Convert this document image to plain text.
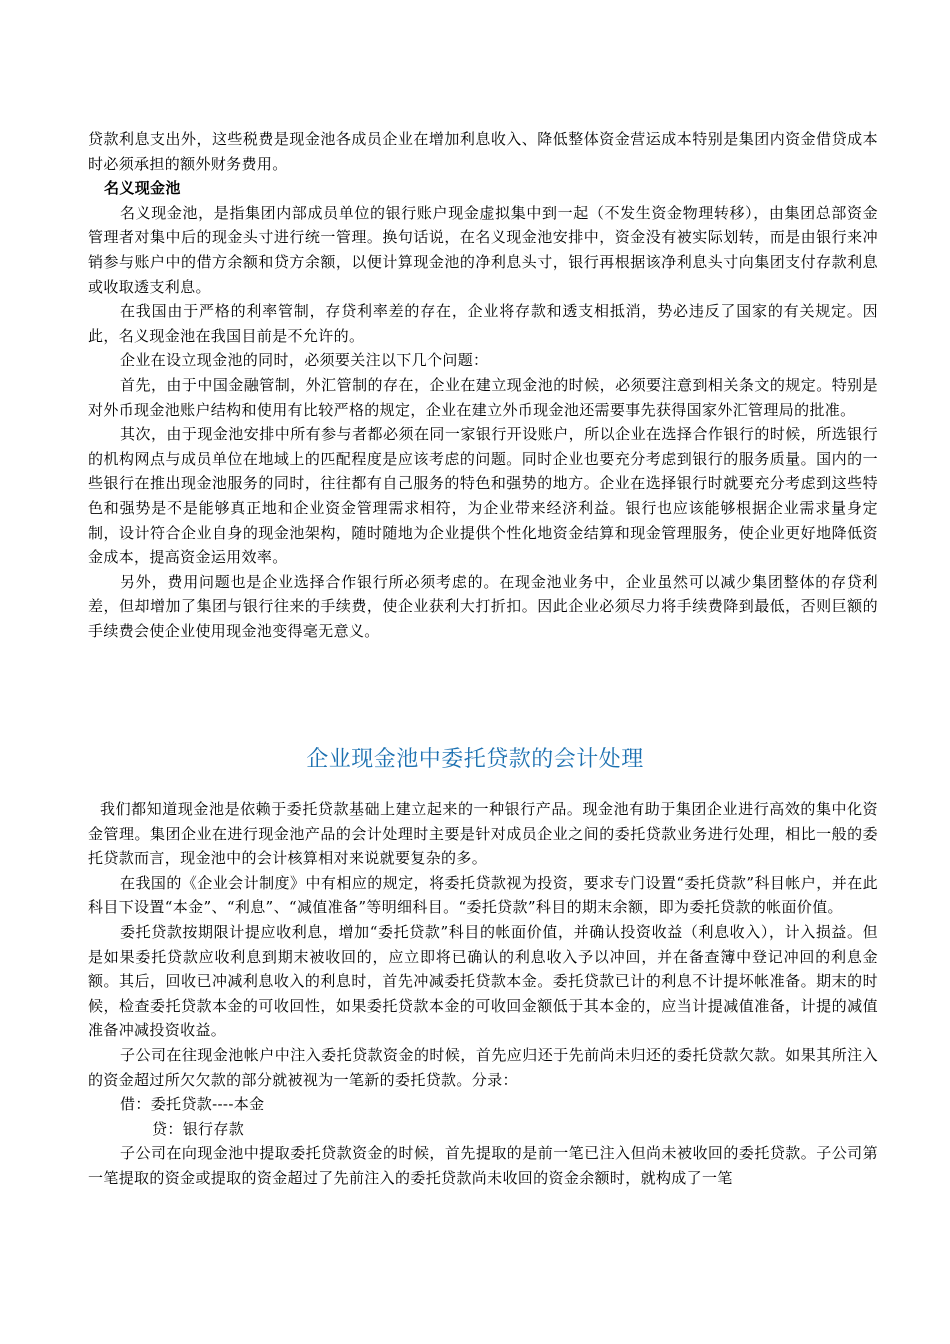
贷款利息支出外，这些税费是现金池各成员企业在增加利息收入、降低整体资金营运成本特别是集团内资金借贷成本时必须承担的额外财务费用。

名义现金池

名义现金池，是指集团内部成员单位的银行账户现金虚拟集中到一起（不发生资金物理转移），由集团总部资金管理者对集中后的现金头寸进行统一管理。换句话说，在名义现金池安排中，资金没有被实际划转，而是由银行来冲销参与账户中的借方余额和贷方余额，以便计算现金池的净利息头寸，银行再根据该净利息头寸向集团支付存款利息或收取透支利息。

在我国由于严格的利率管制，存贷利率差的存在，企业将存款和透支相抵消，势必违反了国家的有关规定。因此，名义现金池在我国目前是不允许的。

企业在设立现金池的同时，必须要关注以下几个问题：

首先，由于中国金融管制，外汇管制的存在，企业在建立现金池的时候，必须要注意到相关条文的规定。特别是对外币现金池账户结构和使用有比较严格的规定，企业在建立外币现金池还需要事先获得国家外汇管理局的批准。

其次，由于现金池安排中所有参与者都必须在同一家银行开设账户，所以企业在选择合作银行的时候，所选银行的机构网点与成员单位在地域上的匹配程度是应该考虑的问题。同时企业也要充分考虑到银行的服务质量。国内的一些银行在推出现金池服务的同时，往往都有自己服务的特色和强势的地方。企业在选择银行时就要充分考虑到这些特色和强势是不是能够真正地和企业资金管理需求相符，为企业带来经济利益。银行也应该能够根据企业需求量身定制，设计符合企业自身的现金池架构，随时随地为企业提供个性化地资金结算和现金管理服务，使企业更好地降低资金成本，提高资金运用效率。

另外，费用问题也是企业选择合作银行所必须考虑的。在现金池业务中，企业虽然可以减少集团整体的存贷利差，但却增加了集团与银行往来的手续费，使企业获利大打折扣。因此企业必须尽力将手续费降到最低，否则巨额的手续费会使企业使用现金池变得毫无意义。

企业现金池中委托贷款的会计处理

我们都知道现金池是依赖于委托贷款基础上建立起来的一种银行产品。现金池有助于集团企业进行高效的集中化资金管理。集团企业在进行现金池产品的会计处理时主要是针对成员企业之间的委托贷款业务进行处理，相比一般的委托贷款而言，现金池中的会计核算相对来说就要复杂的多。

在我国的《企业会计制度》中有相应的规定，将委托贷款视为投资，要求专门设置“委托贷款”科目帐户，并在此科目下设置“本金”、“利息”、“减值准备”等明细科目。“委托贷款”科目的期末余额，即为委托贷款的帐面价值。

委托贷款按期限计提应收利息，增加“委托贷款”科目的帐面价值，并确认投资收益（利息收入），计入损益。但是如果委托贷款应收利息到期末被收回的，应立即将已确认的利息收入予以冲回，并在备查簿中登记冲回的利息金额。其后，回收已冲减利息收入的利息时，首先冲减委托贷款本金。委托贷款已计的利息不计提坏帐准备。期末的时候，检查委托贷款本金的可收回性，如果委托贷款本金的可收回金额低于其本金的，应当计提减值准备，计提的减值准备冲减投资收益。

子公司在往现金池帐户中注入委托贷款资金的时候，首先应归还于先前尚未归还的委托贷款欠款。如果其所注入的资金超过所欠欠款的部分就被视为一笔新的委托贷款。分录：

借：委托贷款----本金

贷：银行存款

子公司在向现金池中提取委托贷款资金的时候，首先提取的是前一笔已注入但尚未被收回的委托贷款。子公司第一笔提取的资金或提取的资金超过了先前注入的委托贷款尚未收回的资金余额时，就构成了一笔
